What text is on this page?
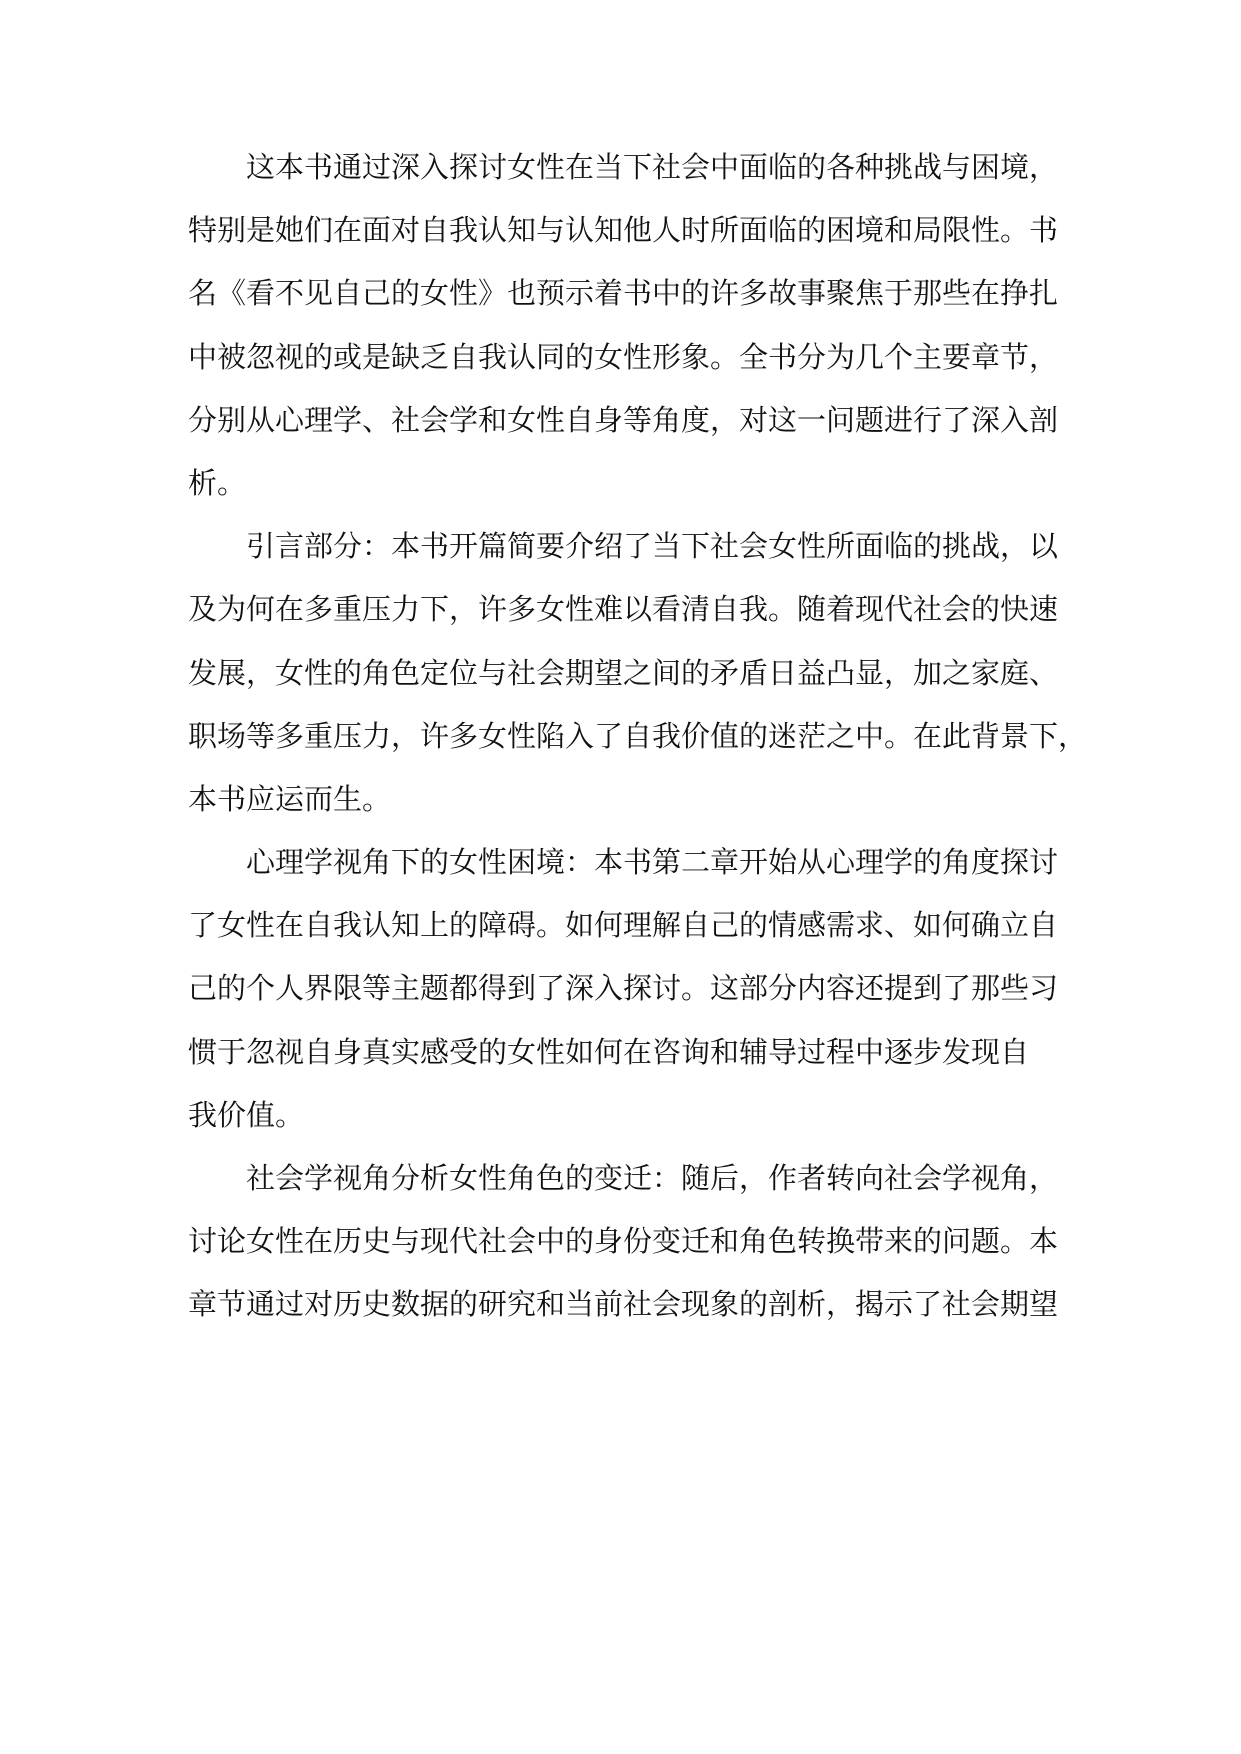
这本书通过深入探讨女性在当下社会中面临的各种挑战与困境，
特别是她们在面对自我认知与认知他人时所面临的困境和局限性。书
名《看不见自己的女性》也预示着书中的许多故事聚焦于那些在挣扎
中被忽视的或是缺乏自我认同的女性形象。全书分为几个主要章节，
分别从心理学、社会学和女性自身等角度，对这一问题进行了深入剖
析。
引言部分：本书开篇简要介绍了当下社会女性所面临的挑战，以
及为何在多重压力下，许多女性难以看清自我。随着现代社会的快速
发展，女性的角色定位与社会期望之间的矛盾日益凸显，加之家庭、
职场等多重压力，许多女性陷入了自我价值的迷茫之中。在此背景下，
本书应运而生。
心理学视角下的女性困境：本书第二章开始从心理学的角度探讨
了女性在自我认知上的障碍。如何理解自己的情感需求、如何确立自
己的个人界限等主题都得到了深入探讨。这部分内容还提到了那些习
惯于忽视自身真实感受的女性如何在咨询和辅导过程中逐步发现自
我价值。
社会学视角分析女性角色的变迁：随后，作者转向社会学视角，
讨论女性在历史与现代社会中的身份变迁和角色转换带来的问题。本
章节通过对历史数据的研究和当前社会现象的剖析，揭示了社会期望
